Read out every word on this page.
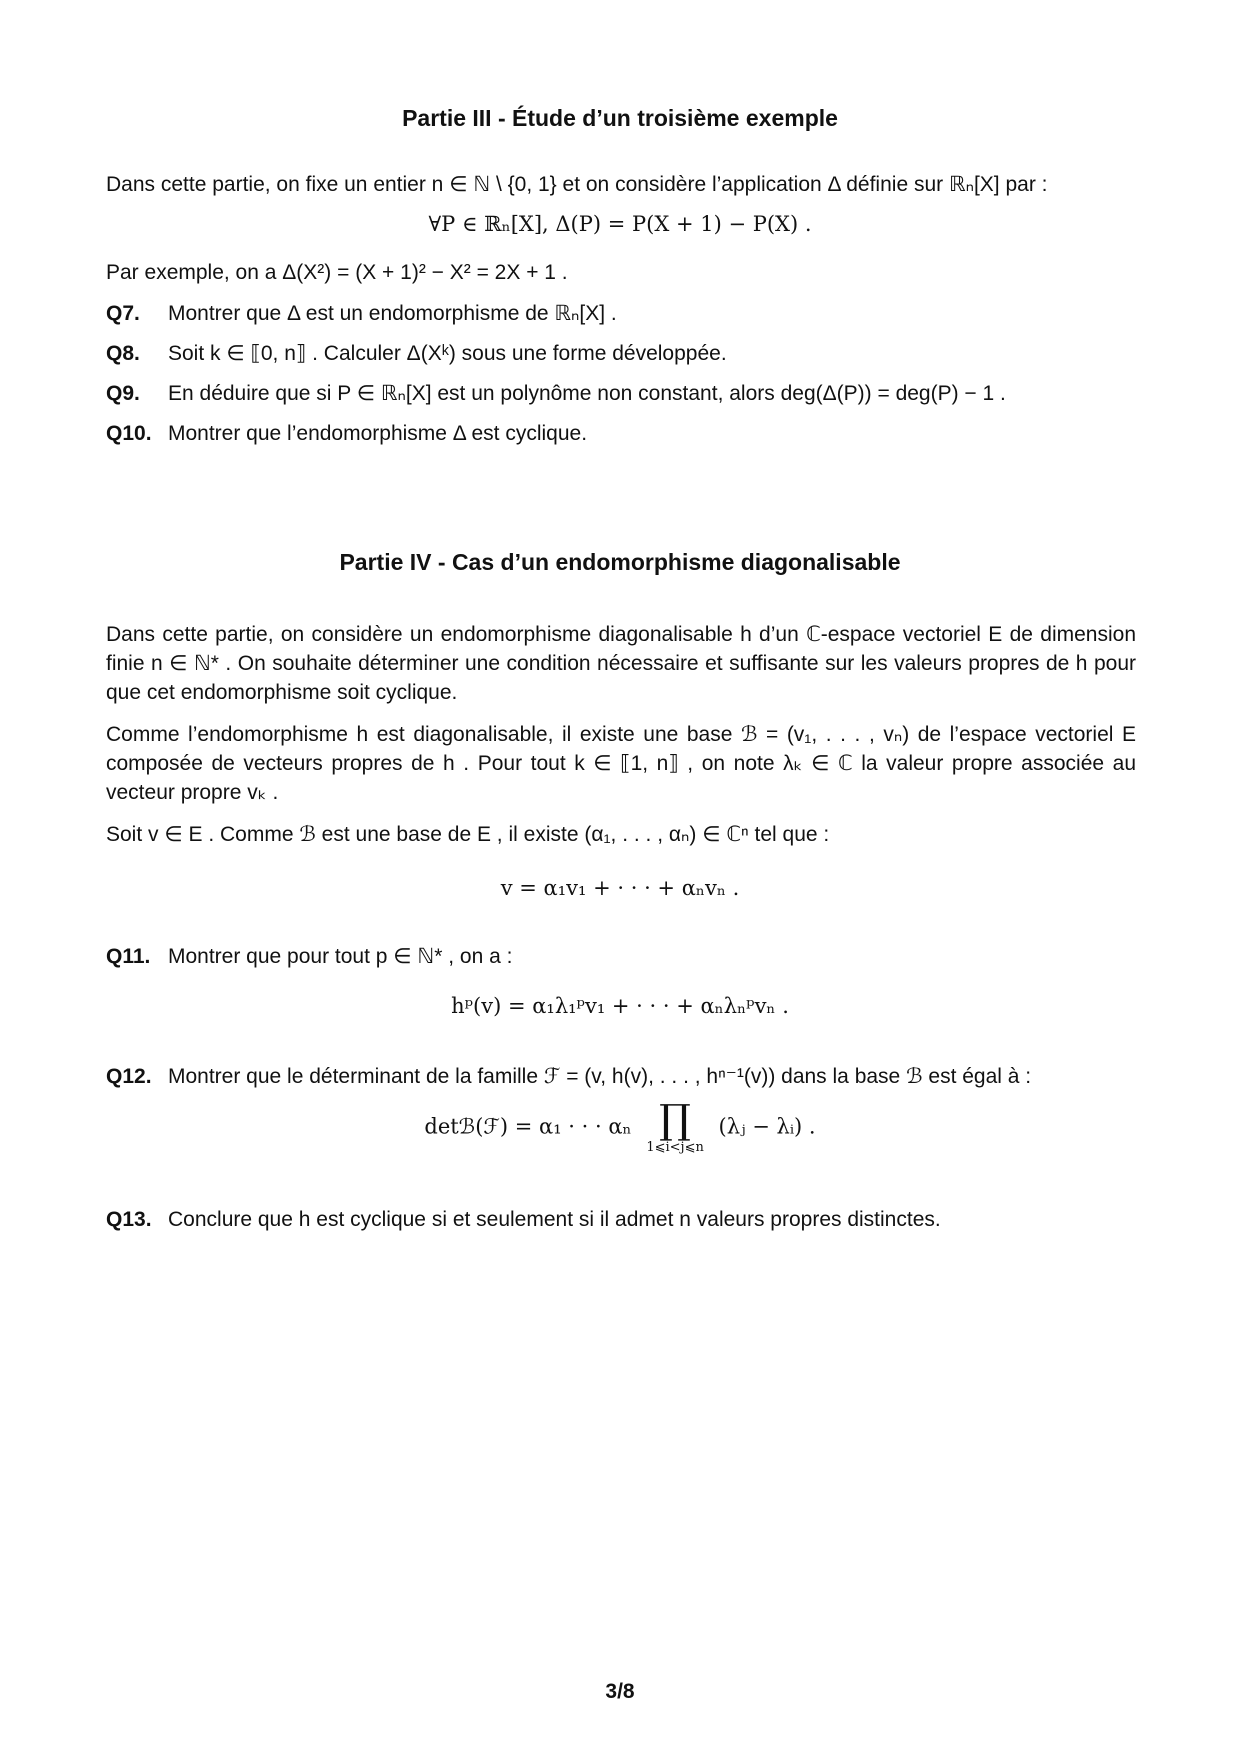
Partie III - Étude d’un troisième exemple

Dans cette partie, on fixe un entier n ∈ ℕ \ {0, 1} et on considère l’application Δ définie sur ℝₙ[X] par :

∀P ∈ ℝₙ[X], Δ(P) = P(X + 1) − P(X) .

Par exemple, on a Δ(X²) = (X + 1)² − X² = 2X + 1 .

Q7. Montrer que Δ est un endomorphisme de ℝₙ[X] .

Q8. Soit k ∈ ⟦0, n⟧ . Calculer Δ(Xᵏ) sous une forme développée.

Q9. En déduire que si P ∈ ℝₙ[X] est un polynôme non constant, alors deg(Δ(P)) = deg(P) − 1 .

Q10. Montrer que l’endomorphisme Δ est cyclique.

Partie IV - Cas d’un endomorphisme diagonalisable

Dans cette partie, on considère un endomorphisme diagonalisable h d’un ℂ-espace vectoriel E de dimension finie n ∈ ℕ* . On souhaite déterminer une condition nécessaire et suffisante sur les valeurs propres de h pour que cet endomorphisme soit cyclique.

Comme l’endomorphisme h est diagonalisable, il existe une base ℬ = (v₁, . . . , vₙ) de l’espace vectoriel E composée de vecteurs propres de h . Pour tout k ∈ ⟦1, n⟧ , on note λₖ ∈ ℂ la valeur propre associée au vecteur propre vₖ .

Soit v ∈ E . Comme ℬ est une base de E , il existe (α₁, . . . , αₙ) ∈ ℂⁿ tel que :

v = α₁v₁ + · · · + αₙvₙ .

Q11. Montrer que pour tout p ∈ ℕ* , on a :

hᵖ(v) = α₁λ₁ᵖv₁ + · · · + αₙλₙᵖvₙ .

Q12. Montrer que le déterminant de la famille ℱ = (v, h(v), . . . , hⁿ⁻¹(v)) dans la base ℬ est égal à :

detℬ(ℱ) = α₁ · · · αₙ ∏
1⩽i<j⩽n
(λⱼ − λᵢ) .

Q13. Conclure que h est cyclique si et seulement si il admet n valeurs propres distinctes.

3/8
